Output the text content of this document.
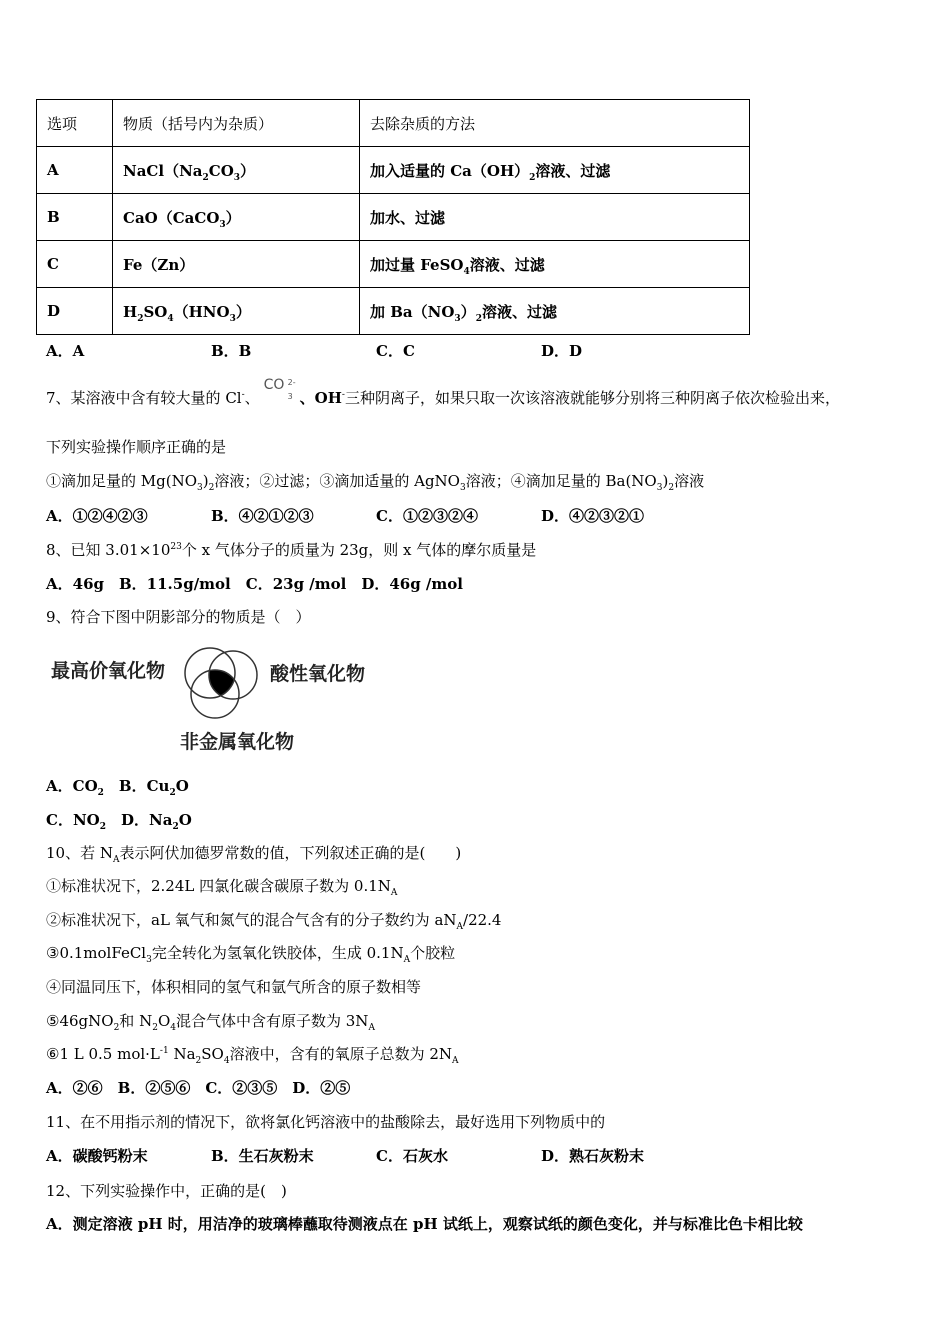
选项	物质（括号内为杂质）	去除杂质的方法
A	$NaCl(Na_2CO_3)$	加入适量的 $Ca(OH)_2$溶液、过滤
B	CaO（CaCO$_3$）	加水、过滤
C	Fe（Zn）	加过量 FeSO$_4$溶液、过滤
D	$H_2SO_4(HNO_3)$	加 $Ba(NO_3)_2$溶液、过滤
A．A	B．B	C．C	D．D
7、某溶液中含有较大量的 Cl-、
CO 2-
3 、OH-三种阴离子，如果只取一次该溶液就能够分别将三种阴离子依次检验出来，
下列实验操作顺序正确的是
①滴加足量的 $Mg(NO_3)_2$溶液；②过滤；③滴加适量的 AgNO$_3$溶液；④滴加足量的 $Ba(NO_3)_2$溶液
A．①②④②③	B．④②①②③	C．①②③②④	D．④②③②①
8、已知 $3.01\times 10^{23}$个 x 气体分子的质量为 23g，则 x 气体的摩尔质量是
A．46g　B．11.5g/mol　C．23g /mol　D．46g /mol
9、符合下图中阴影部分的物质是（　）
最高价氧化物	酸性氧化物
非金属氧化物
A．$CO_2$　B．$Cu_2O$
C．$NO_2$　D．$Na_2O$
10、若 $N_A$表示阿伏加德罗常数的值，下列叙述正确的是(　　)
①标准状况下，2.24L 四氯化碳含碳原子数为 $0.1N_A$
②标准状况下，aL 氧气和氮气的混合气含有的分子数约为 $aN_A/22.4$
③0.1molFeCl$_3$完全转化为氢氧化铁胶体，生成 $0.1N_A$个胶粒
④同温同压下，体积相同的氢气和氩气所含的原子数相等
⑤46gNO$_2$和 $N_2O_4$混合气体中含有原子数为 $3N_A$
⑥1 L 0.5 $mol\cdot L^{-1}$ $Na_2SO_4$溶液中，含有的氧原子总数为 $2N_A$
A．②⑥　B．②⑤⑥　C．②③⑤　D．②⑤
11、在不用指示剂的情况下，欲将氯化钙溶液中的盐酸除去，最好选用下列物质中的
A．碳酸钙粉末	B．生石灰粉末	C．石灰水	D．熟石灰粉末
12、下列实验操作中，正确的是(　)
A．测定溶液 pH 时，用洁净的玻璃棒蘸取待测液点在 pH 试纸上，观察试纸的颜色变化，并与标准比色卡相比较
